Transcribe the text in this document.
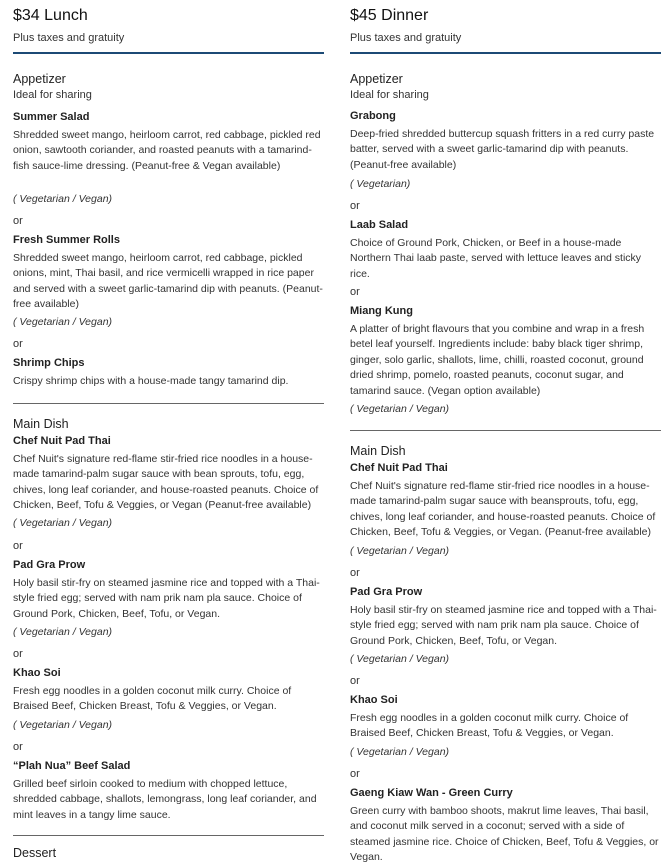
$34 Lunch
Plus taxes and gratuity
Appetizer
Ideal for sharing
Summer Salad
Shredded sweet mango, heirloom carrot, red cabbage, pickled red onion, sawtooth coriander, and roasted peanuts with a tamarind-fish sauce-lime dressing. (Peanut-free & Vegan available)
( Vegetarian / Vegan)
or
Fresh Summer Rolls
Shredded sweet mango, heirloom carrot, red cabbage, pickled onions, mint, Thai basil, and rice vermicelli wrapped in rice paper and served with a sweet garlic-tamarind dip with peanuts. (Peanut-free available)
( Vegetarian / Vegan)
or
Shrimp Chips
Crispy shrimp chips with a house-made tangy tamarind dip.
Main Dish
Chef Nuit Pad Thai
Chef Nuit's signature red-flame stir-fried rice noodles in a house-made tamarind-palm sugar sauce with bean sprouts, tofu, egg, chives, long leaf coriander, and house-roasted peanuts. Choice of Chicken, Beef, Tofu & Veggies, or Vegan (Peanut-free available)
( Vegetarian / Vegan)
or
Pad Gra Prow
Holy basil stir-fry on steamed jasmine rice and topped with a Thai-style fried egg; served with nam prik nam pla sauce. Choice of Ground Pork, Chicken, Beef, Tofu, or Vegan.
( Vegetarian / Vegan)
or
Khao Soi
Fresh egg noodles in a golden coconut milk curry. Choice of Braised Beef, Chicken Breast, Tofu & Veggies, or Vegan.
( Vegetarian / Vegan)
or
“Plah Nua” Beef Salad
Grilled beef sirloin cooked to medium with chopped lettuce, shredded cabbage, shallots, lemongrass, long leaf coriander, and mint leaves in a tangy lime sauce.
Dessert
$45 Dinner
Plus taxes and gratuity
Appetizer
Ideal for sharing
Grabong
Deep-fried shredded buttercup squash fritters in a red curry paste batter, served with a sweet garlic-tamarind dip with peanuts. (Peanut-free available)
( Vegetarian)
or
Laab Salad
Choice of Ground Pork, Chicken, or Beef in a house-made Northern Thai laab paste, served with lettuce leaves and sticky rice.
or
Miang Kung
A platter of bright flavours that you combine and wrap in a fresh betel leaf yourself. Ingredients include: baby black tiger shrimp, ginger, solo garlic, shallots, lime, chilli, roasted coconut, ground dried shrimp, pomelo, roasted peanuts, coconut sugar, and tamarind sauce. (Vegan option available)
( Vegetarian / Vegan)
Main Dish
Chef Nuit Pad Thai
Chef Nuit's signature red-flame stir-fried rice noodles in a house-made tamarind-palm sugar sauce with beansprouts, tofu, egg, chives, long leaf coriander, and house-roasted peanuts. Choice of Chicken, Beef, Tofu & Veggies, or Vegan. (Peanut-free available)
( Vegetarian / Vegan)
or
Pad Gra Prow
Holy basil stir-fry on steamed jasmine rice and topped with a Thai-style fried egg; served with nam prik nam pla sauce. Choice of Ground Pork, Chicken, Beef, Tofu, or Vegan.
( Vegetarian / Vegan)
or
Khao Soi
Fresh egg noodles in a golden coconut milk curry. Choice of Braised Beef, Chicken Breast, Tofu & Veggies, or Vegan.
( Vegetarian / Vegan)
or
Gaeng Kiaw Wan - Green Curry
Green curry with bamboo shoots, makrut lime leaves, Thai basil, and coconut milk served in a coconut; served with a side of steamed jasmine rice. Choice of Chicken, Beef, Tofu & Veggies, or Vegan.
